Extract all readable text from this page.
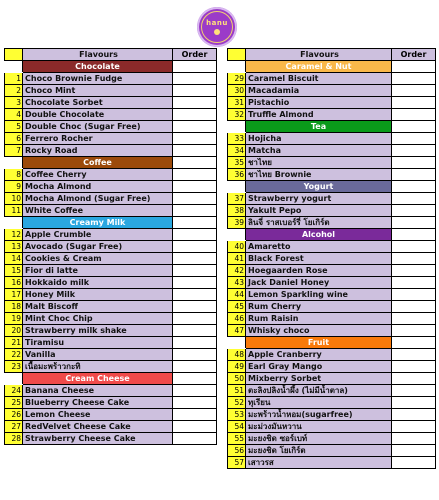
hanu
	Flavours	Order
	Chocolate	
1	Choco Brownie Fudge	
2	Choco Mint	
3	Chocolate Sorbet	
4	Double Chocolate	
5	Double Choc (Sugar Free)	
6	Ferrero Rocher	
7	Rocky Road	
	Coffee	
8	Coffee Cherry	
9	Mocha Almond	
10	Mocha Almond (Sugar Free)	
11	White Coffee	
	Creamy Milk	
12	Apple Crumble	
13	Avocado (Sugar Free)	
14	Cookies & Cream	
15	Fior di latte	
16	Hokkaido milk	
17	Honey Milk	
18	Malt Biscoff	
19	Mint Choc Chip	
20	Strawberry milk shake	
21	Tiramisu	
22	Vanilla	
23	เนื้อมะพร้าวกะทิ	
	Cream Cheese	
24	Banana Cheese	
25	Blueberry Cheese Cake	
26	Lemon Cheese	
27	RedVelvet Cheese Cake	
28	Strawberry Cheese Cake	
	Flavours	Order
	Caramel & Nut	
29	Caramel Biscuit	
30	Macadamia	
31	Pistachio	
32	Truffle Almond	
	Tea	
33	Hojicha	
34	Matcha	
35	ชาไทย	
36	ชาไทย Brownie	
	Yogurt	
37	Strawberry yogurt	
38	Yakult Pepo	
39	ลินจี่ ราสเบอร์รี่ โยเกิร์ต	
	Alcohol	
40	Amaretto	
41	Black Forest	
42	Hoegaarden Rose	
43	Jack Daniel Honey	
44	Lemon Sparkling wine	
45	Rum Cherry	
46	Rum Raisin	
47	Whisky choco	
	Fruit	
48	Apple Cranberry	
49	Earl Gray Mango	
50	Mixberry Sorbet	
51	ตะลิงปลิงน้ำผึ้ง (ไม่มีน้ำตาล)	
52	ทุเรียน	
53	มะพร้าวน้ำหอม(sugarfree)	
54	มะม่วงมันหวาน	
55	มะยงชิด ซอร์เบท์	
56	มะยงชิด โยเกิร์ต	
57	เสาวรส	
